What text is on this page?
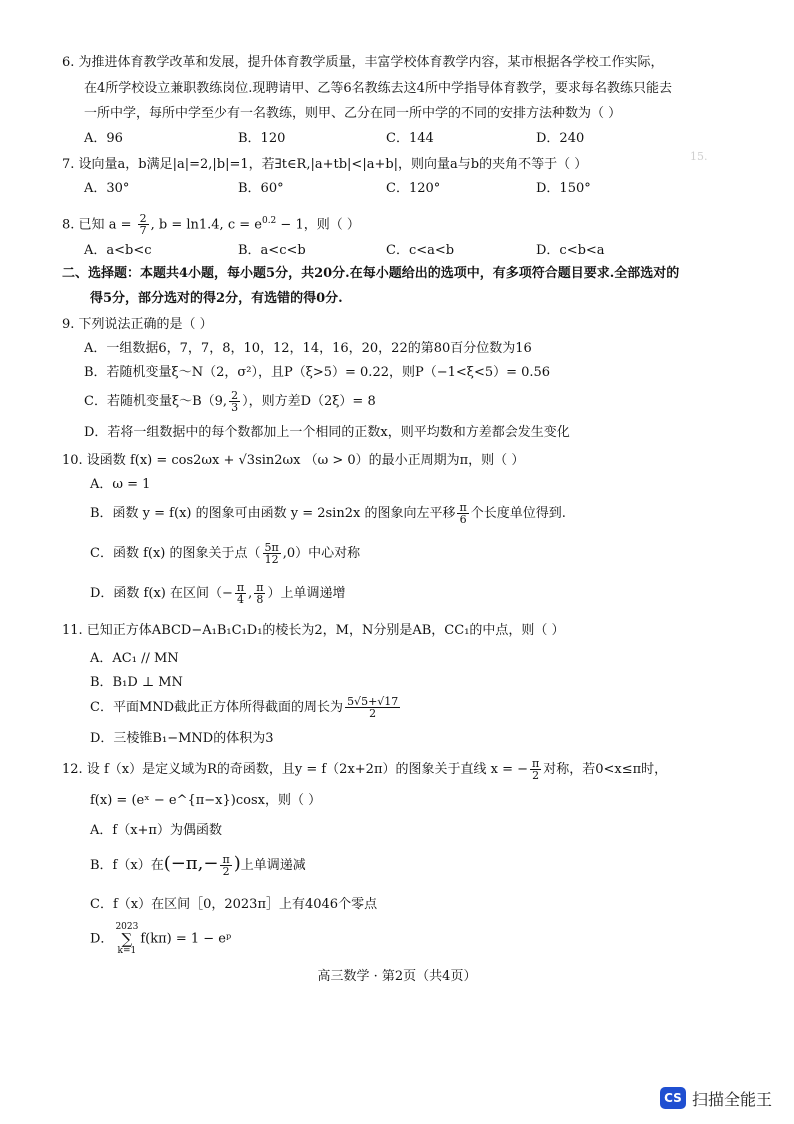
15.
6. 为推进体育教学改革和发展，提升体育教学质量，丰富学校体育教学内容，某市根据各学校工作实际，
在4所学校设立兼职教练岗位.现聘请甲、乙等6名教练去这4所中学指导体育教学，要求每名教练只能去
一所中学，每所中学至少有一名教练，则甲、乙分在同一所中学的不同的安排方法种数为（ ）
A．96	B．120	C．144	D．240
7. 设向量a，b满足|a|=2,|b|=1，若∃t∈R,|a+tb|<|a+b|，则向量a与b的夹角不等于（ ）
A．30°	B．60°	C．120°	D．150°
8. 已知 $a = \frac{2}{7}$ , b = ln1.4, $c = e^{0.2} - 1$，则（ ）
A．a<b<c	B．a<c<b	C．c<a<b	D．c<b<a
二、选择题：本题共4小题，每小题5分，共20分.在每小题给出的选项中，有多项符合题目要求.全部选对的
得5分，部分选对的得2分，有选错的得0分.
9. 下列说法正确的是（ ）
A．一组数据6，7，7，8，10，12，14，16，20，22的第80百分位数为16
B．若随机变量ξ～N（2，σ²），且P（ξ>5）= 0.22，则P（−1<ξ<5）= 0.56
C．若随机变量ξ～B（9, $\frac{2}{3}$ ），则方差D（2ξ）= 8
D．若将一组数据中的每个数都加上一个相同的正数x，则平均数和方差都会发生变化
10. 设函数 f(x) = cos2ωx + √3sin2ωx （ω > 0）的最小正周期为π，则（ ）
A．ω = 1
B．函数 y = f(x) 的图象可由函数 y = 2sin2x 的图象向左平移 $\frac{\pi}{6}$ 个长度单位得到.
C．函数 f(x) 的图象关于点（ $\frac{5\pi}{12} ,0$）中心对称
D．函数 f(x) 在区间（− $\frac{\pi}{4}$ , $\frac{\pi}{8}$ ）上单调递增
11. 已知正方体ABCD−A₁B₁C₁D₁的棱长为2，M，N分别是AB，CC₁的中点，则（ ）
A．AC₁ // MN
B．B₁D ⊥ MN
C．平面MND截此正方体所得截面的周长为 $\frac{5√5+√17}{2}$
D．三棱锥B₁−MND的体积为3
12. 设 f（x）是定义域为R的奇函数，且y = f（2x+2π）的图象关于直线 x = − $\frac{\pi}{2}$ 对称，若0<x≤π时，
f(x) = (eˣ − e^{π−x})cosx，则（ ）
A．f（x+π）为偶函数
B．f（x）在($-\pi,- \frac{\pi}{2}$ )上单调递减
C．f（x）在区间［0，2023π］上有4046个零点
D．
2023
∑
k=1
f(kπ) = 1 − eᵖ
高三数学 · 第2页（共4页）
CS 扫描全能王
